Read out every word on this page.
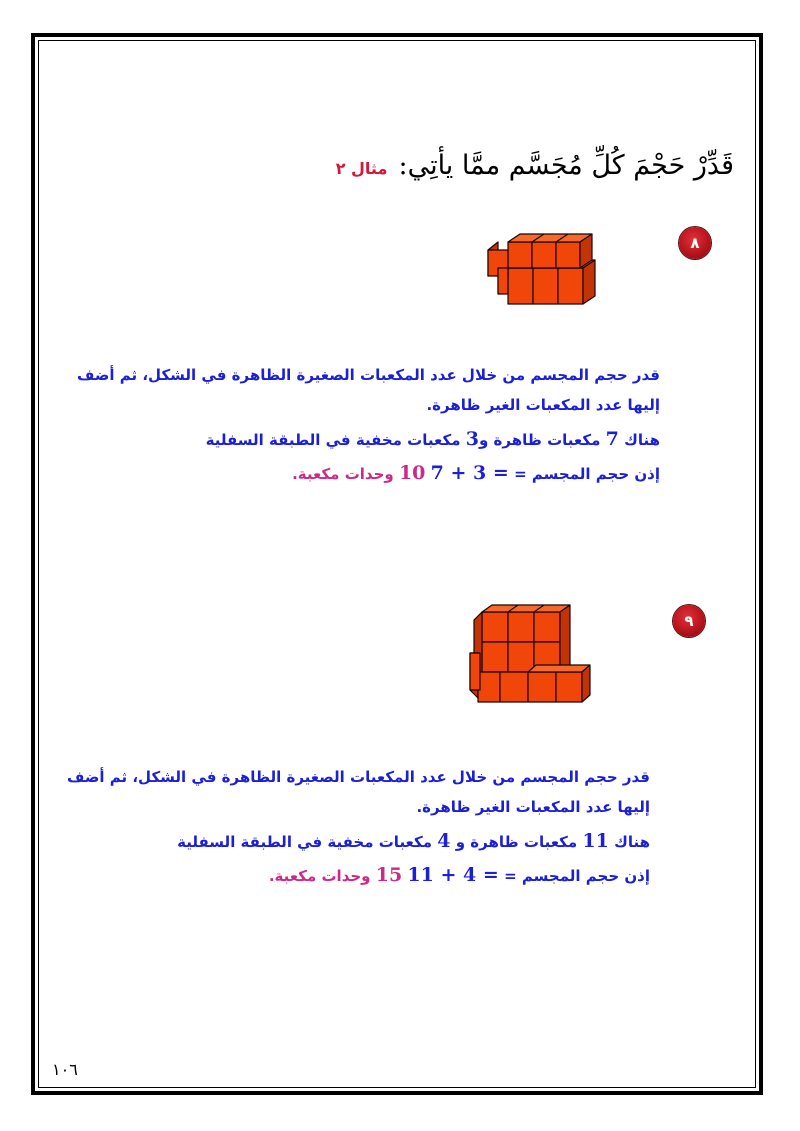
قَدِّرْ حَجْمَ كُلِّ مُجَسَّم ممَّا يأتِي: مثال ٢
٨
قدر حجم المجسم من خلال عدد المكعبات الصغيرة الظاهرة في الشكل، ثم أضف
إليها عدد المكعبات الغير ظاهرة.
هناك 7 مكعبات ظاهرة و3 مكعبات مخفية في الطبقة السفلية
إذن حجم المجسم = 7 + 3 = 10 وحدات مكعبة.
٩
قدر حجم المجسم من خلال عدد المكعبات الصغيرة الظاهرة في الشكل، ثم أضف
إليها عدد المكعبات الغير ظاهرة.
هناك 11 مكعبات ظاهرة و 4 مكعبات مخفية في الطبقة السفلية
إذن حجم المجسم = 11 + 4 = 15 وحدات مكعبة.
١٠٦
